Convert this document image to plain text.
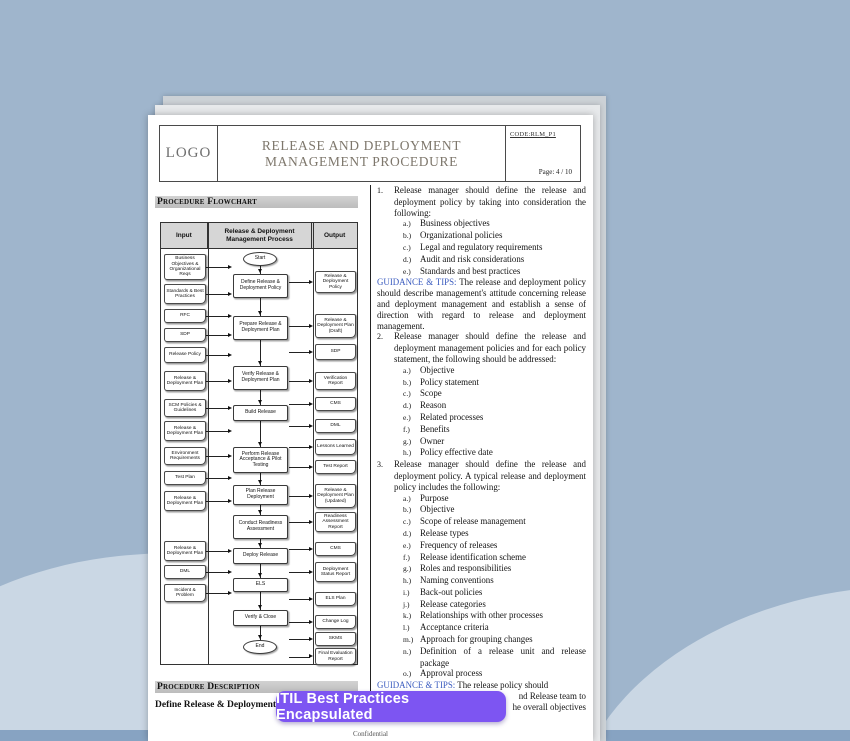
LOGO	RELEASE AND DEPLOYMENT
MANAGEMENT PROCEDURE
CODE:RLM_P1
Page: 4 / 10
Procedure Flowchart
Input
Release & Deployment Management Process
Output
Start
Define Release & Deployment Policy
Prepare Release & Deployment Plan
Verify Release & Deployment Plan
Build Release
Perform Release Acceptance & Pilot Testing
Plan Release Deployment
Conduct Readiness Assessment
Deploy Release
ELS
Verify & Close
End
Business Objectives & Organizational Reqs
Standards & Best Practices
RFC
SDP
Release Policy
Release & Deployment Plan
SCM Policies & Guidelines
Release & Deployment Plan
Environment Requirements
Test Plan
Release & Deployment Plan
Release & Deployment Plan
DML
Incident & Problem
Release & Deployment Policy
Release & Deployment Plan (Draft)
SDP
Verification Report
CMS
DML
Lessons Learned
Test Report
Release & Deployment Plan (Updated)
Readiness Assessment Report
CMS
Deployment Status Report
ELS Plan
Change Log
SKMS
Final Evaluation Report
Procedure Description
Define Release & Deployment
1. Release manager should define the release and deployment policy by taking into consideration the following:
a.) Business objectives
b.) Organizational policies
c.) Legal and regulatory requirements
d.) Audit and risk considerations
e.) Standards and best practices
GUIDANCE & TIPS: The release and deployment policy should describe management's attitude concerning release and deployment management and establish a sense of direction with regard to release and deployment management.
2. Release manager should define the release and deployment management policies and for each policy statement, the following should be addressed:
a.) Objective
b.) Policy statement
c.) Scope
d.) Reason
e.) Related processes
f.) Benefits
g.) Owner
h.) Policy effective date
3. Release manager should define the release and deployment policy. A typical release and deployment policy includes the following:
a.) Purpose
b.) Objective
c.) Scope of release management
d.) Release types
e.) Frequency of releases
f.) Release identification scheme
g.) Roles and responsibilities
h.) Naming conventions
i.) Back-out policies
j.) Release categories
k.) Relationships with other processes
l.) Acceptance criteria
m.) Approach for grouping changes
n.) Definition of a release unit and release package
o.) Approval process
GUIDANCE & TIPS: The release policy should
nd Release team to
he overall objectives
Confidential
ITIL Best Practices Encapsulated
